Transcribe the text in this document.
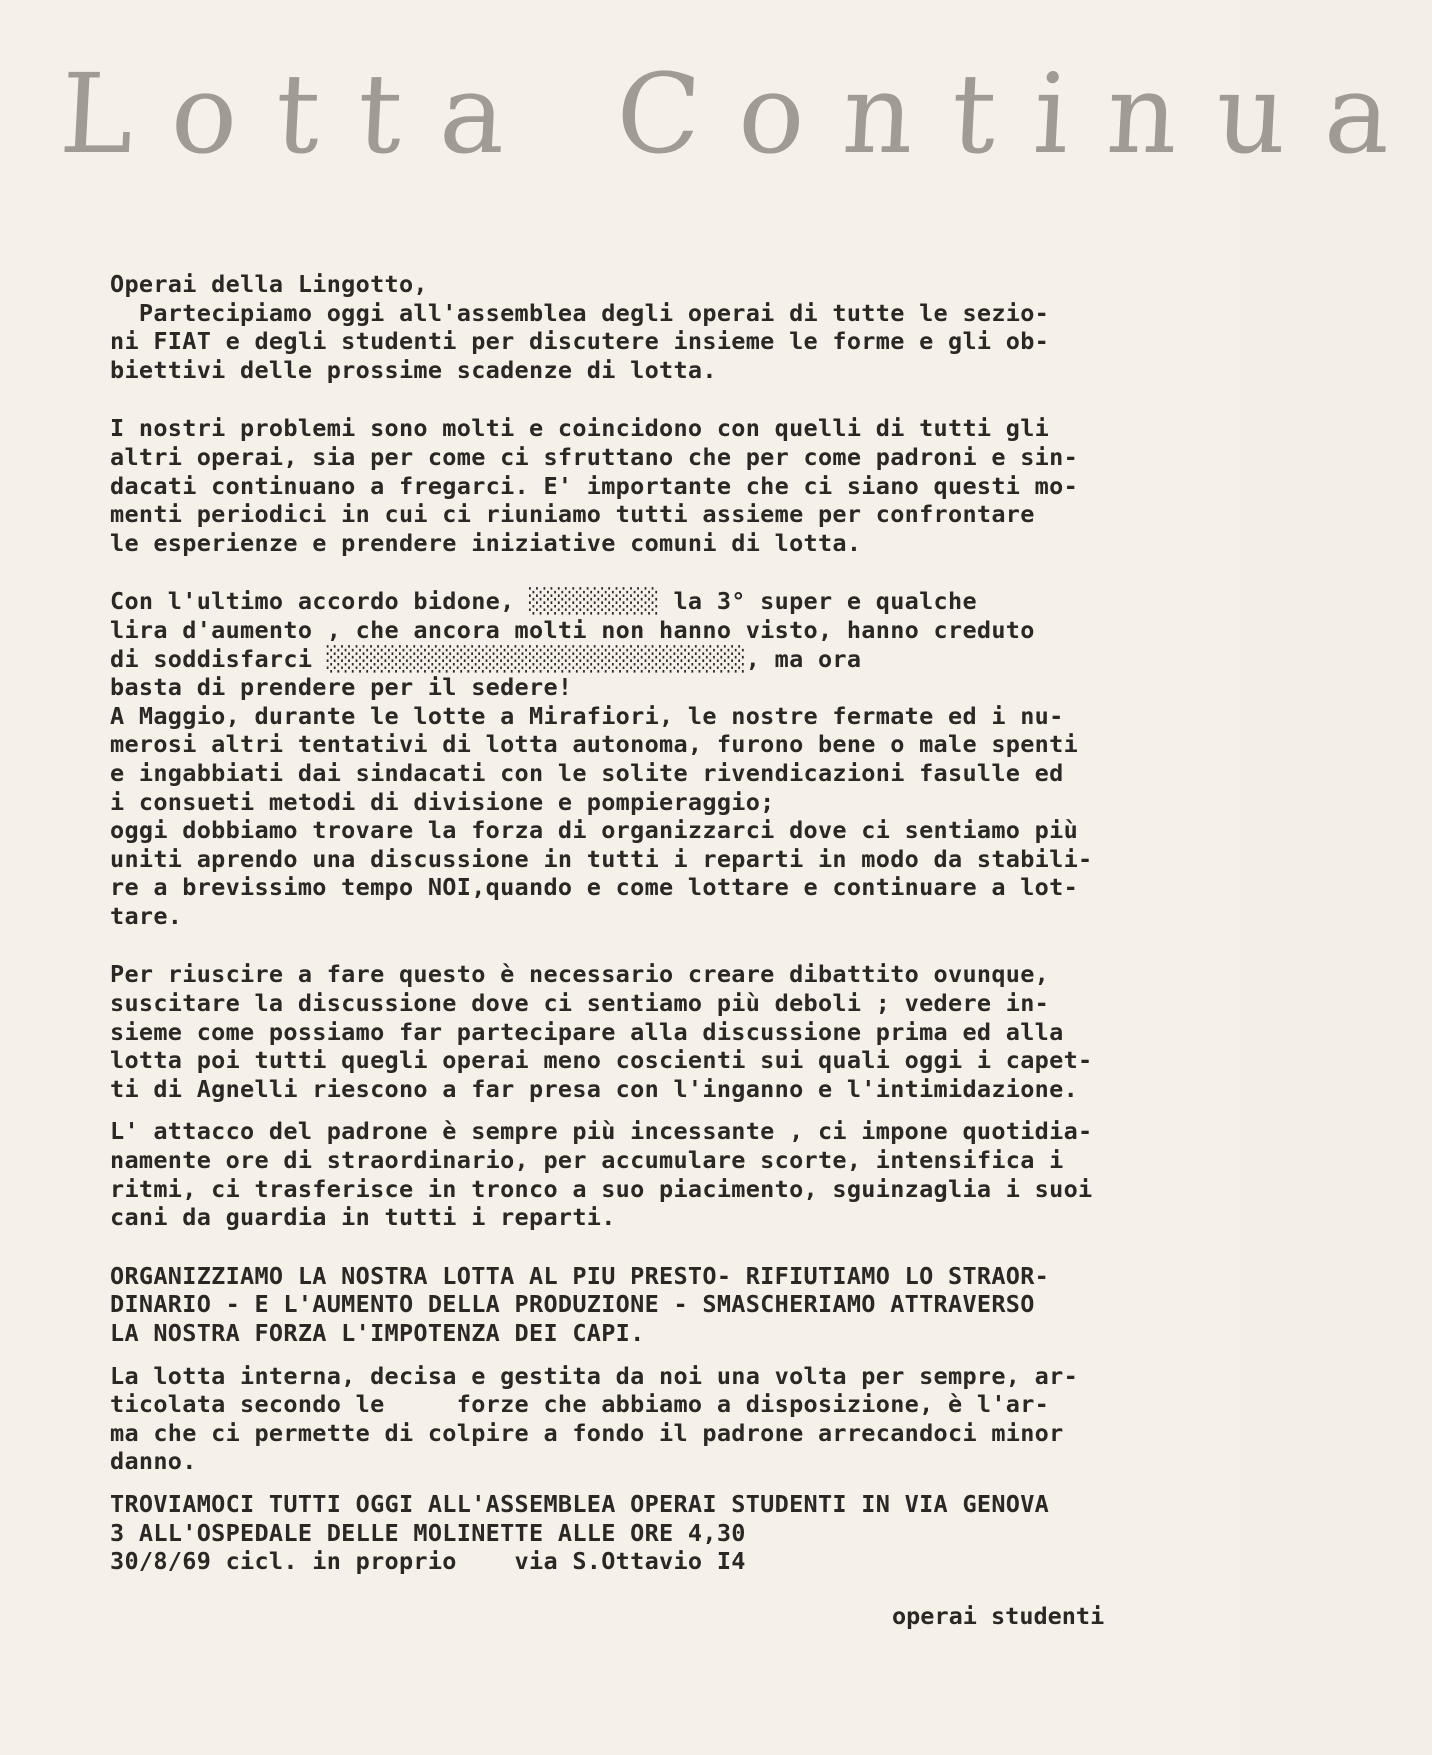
Lotta Continua

Operai della Lingotto,

Partecipiamo oggi all'assemblea degli operai di tutte le sezio-

ni FIAT e degli studenti per discutere insieme le forme e gli ob-

biettivi delle prossime scadenze di lotta.

I nostri problemi sono molti e coincidono con quelli di tutti gli

altri operai, sia per come ci sfruttano che per come padroni e sin-

dacati continuano a fregarci. E' importante che ci siano questi mo-

menti periodici in cui ci riuniamo tutti assieme per confrontare

le esperienze e prendere iniziative comuni di lotta.

Con l'ultimo accordo bidone, ░░░░░░░░░ la 3° super e qualche

lira d'aumento , che ancora molti non hanno visto, hanno creduto

di soddisfarci ░░░░░░░░░░░░░░░░░░░░░░░░░░░░░, ma ora

basta di prendere per il sedere!

A Maggio, durante le lotte a Mirafiori, le nostre fermate ed i nu-

merosi altri tentativi di lotta autonoma, furono bene o male spenti

e ingabbiati dai sindacati con le solite rivendicazioni fasulle ed

i consueti metodi di divisione e pompieraggio;

oggi dobbiamo trovare la forza di organizzarci dove ci sentiamo più

uniti aprendo una discussione in tutti i reparti in modo da stabili-

re a brevissimo tempo NOI,quando e come lottare e continuare a lot-

tare.

Per riuscire a fare questo è necessario creare dibattito ovunque,

suscitare la discussione dove ci sentiamo più deboli ; vedere in-

sieme come possiamo far partecipare alla discussione prima ed alla

lotta poi tutti quegli operai meno coscienti sui quali oggi i capet-

ti di Agnelli riescono a far presa con l'inganno e l'intimidazione.

L' attacco del padrone è sempre più incessante , ci impone quotidia-

namente ore di straordinario, per accumulare scorte, intensifica i

ritmi, ci trasferisce in tronco a suo piacimento, sguinzaglia i suoi

cani da guardia in tutti i reparti.

ORGANIZZIAMO LA NOSTRA LOTTA AL PIU PRESTO- RIFIUTIAMO LO STRAOR-

DINARIO - E L'AUMENTO DELLA PRODUZIONE - SMASCHERIAMO ATTRAVERSO

LA NOSTRA FORZA L'IMPOTENZA DEI CAPI.

La lotta interna, decisa e gestita da noi una volta per sempre, ar-

ticolata secondo le     forze che abbiamo a disposizione, è l'ar-

ma che ci permette di colpire a fondo il padrone arrecandoci minor

danno.

TROVIAMOCI TUTTI OGGI ALL'ASSEMBLEA OPERAI STUDENTI IN VIA GENOVA

3 ALL'OSPEDALE DELLE MOLINETTE ALLE ORE 4,30

30/8/69 cicl. in proprio    via S.Ottavio I4

operai studenti
